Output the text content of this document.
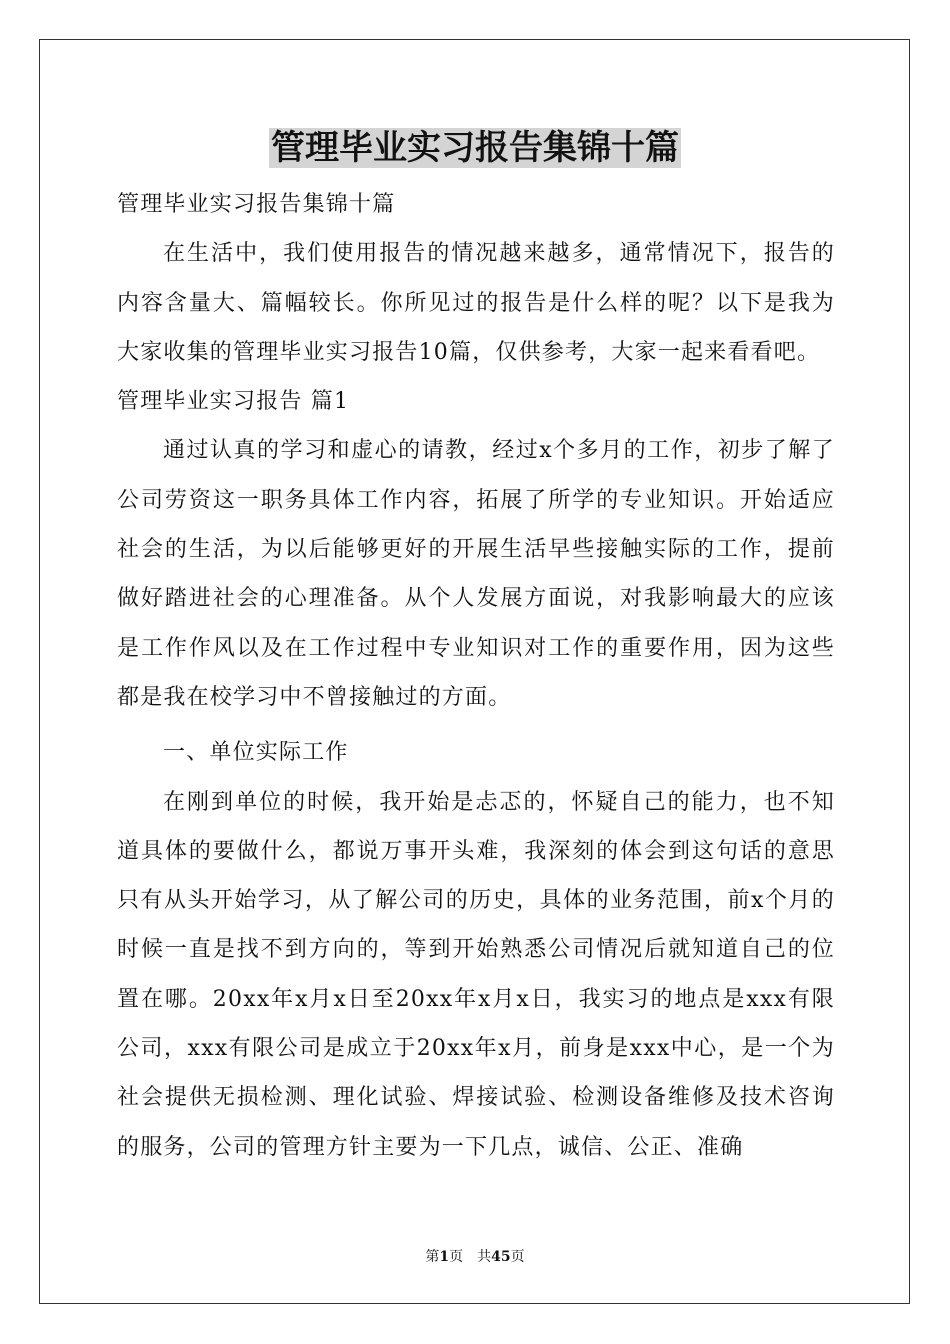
管理毕业实习报告集锦十篇

管理毕业实习报告集锦十篇

在生活中，我们使用报告的情况越来越多，通常情况下，报告的内容含量大、篇幅较长。你所见过的报告是什么样的呢？以下是我为大家收集的管理毕业实习报告10篇，仅供参考，大家一起来看看吧。

管理毕业实习报告 篇1

通过认真的学习和虚心的请教，经过x个多月的工作，初步了解了公司劳资这一职务具体工作内容，拓展了所学的专业知识。开始适应社会的生活，为以后能够更好的开展生活早些接触实际的工作，提前做好踏进社会的心理准备。从个人发展方面说，对我影响最大的应该是工作作风以及在工作过程中专业知识对工作的重要作用，因为这些都是我在校学习中不曾接触过的方面。

一、单位实际工作

在刚到单位的时候，我开始是忐忑的，怀疑自己的能力，也不知道具体的要做什么，都说万事开头难，我深刻的体会到这句话的意思只有从头开始学习，从了解公司的历史，具体的业务范围，前x个月的时候一直是找不到方向的，等到开始熟悉公司情况后就知道自己的位置在哪。20xx年x月x日至20xx年x月x日，我实习的地点是xxx有限公司，xxx有限公司是成立于20xx年x月，前身是xxx中心，是一个为社会提供无损检测、理化试验、焊接试验、检测设备维修及技术咨询的服务，公司的管理方针主要为一下几点，诚信、公正、准确

第1页　共45页
